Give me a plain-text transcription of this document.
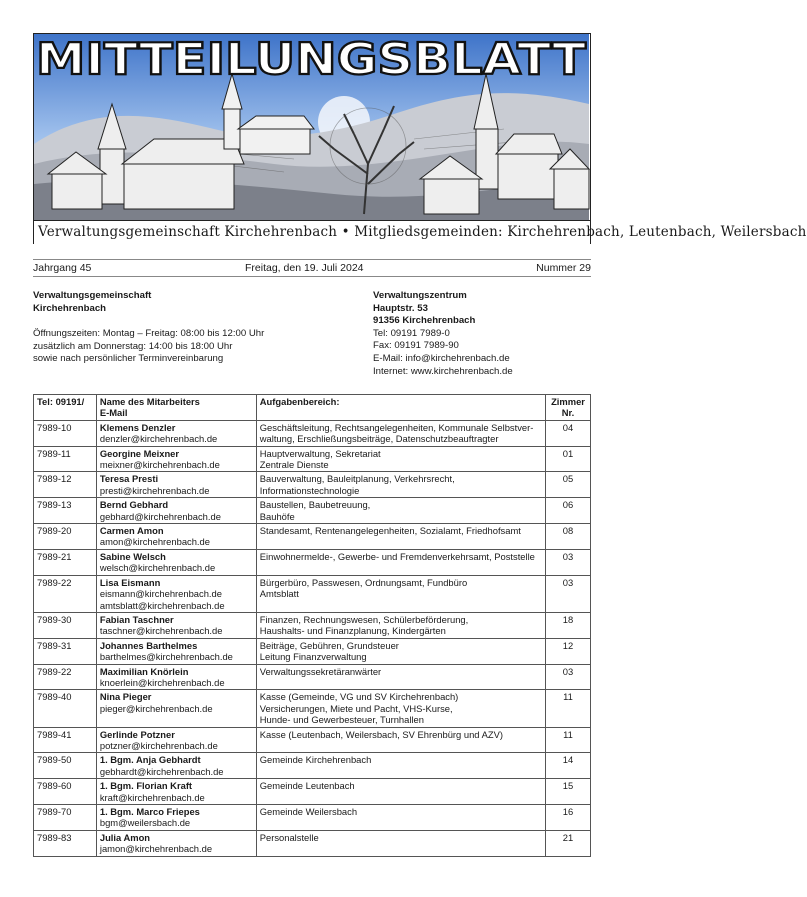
MITTEILUNGSBLATT
Verwaltungsgemeinschaft Kirchehrenbach • Mitgliedsgemeinden: Kirchehrenbach, Leutenbach, Weilersbach
Jahrgang 45	Freitag, den 19. Juli 2024	Nummer 29

Verwaltungsgemeinschaft

Kirchehrenbach

Öffnungszeiten: Montag – Freitag: 08:00 bis 12:00 Uhr

zusätzlich am Donnerstag: 14:00 bis 18:00 Uhr

sowie nach persönlicher Terminvereinbarung

Verwaltungszentrum

Hauptstr. 53

91356 Kirchehrenbach

Tel: 09191 7989-0

Fax: 09191 7989-90

E-Mail: info@kirchehrenbach.de

Internet: www.kirchehrenbach.de

Tel: 09191/	Name des Mitarbeiters
E-Mail	Aufgabenbereich:	Zimmer
Nr.

7989-10	Klemens Denzler
denzler@kirchehrenbach.de	Geschäftsleitung, Rechtsangelegenheiten, Kommunale Selbstver-
waltung, Erschließungsbeiträge, Datenschutzbeauftragter	04
7989-11	Georgine Meixner
meixner@kirchehrenbach.de	Hauptverwaltung, Sekretariat
Zentrale Dienste	01
7989-12	Teresa Presti
presti@kirchehrenbach.de	Bauverwaltung, Bauleitplanung, Verkehrsrecht,
Informationstechnologie	05
7989-13	Bernd Gebhard
gebhard@kirchehrenbach.de	Baustellen, Baubetreuung,
Bauhöfe	06
7989-20	Carmen Amon
amon@kirchehrenbach.de	Standesamt, Rentenangelegenheiten, Sozialamt, Friedhofsamt	08
7989-21	Sabine Welsch
welsch@kirchehrenbach.de	Einwohnermelde-, Gewerbe- und Fremdenverkehrsamt, Poststelle	03
7989-22	Lisa Eismann
eismann@kirchehrenbach.de
amtsblatt@kirchehrenbach.de	Bürgerbüro, Passwesen, Ordnungsamt, Fundbüro
Amtsblatt	03
7989-30	Fabian Taschner
taschner@kirchehrenbach.de	Finanzen, Rechnungswesen, Schülerbeförderung,
Haushalts- und Finanzplanung, Kindergärten	18
7989-31	Johannes Barthelmes
barthelmes@kirchehrenbach.de	Beiträge, Gebühren, Grundsteuer
Leitung Finanzverwaltung	12
7989-22	Maximilian Knörlein
knoerlein@kirchehrenbach.de	Verwaltungssekretäranwärter	03
7989-40	Nina Pieger
pieger@kirchehrenbach.de	Kasse (Gemeinde, VG und SV Kirchehrenbach)
Versicherungen, Miete und Pacht, VHS-Kurse,
Hunde- und Gewerbesteuer, Turnhallen	11
7989-41	Gerlinde Potzner
potzner@kirchehrenbach.de	Kasse (Leutenbach, Weilersbach, SV Ehrenbürg und AZV)	11
7989-50	1. Bgm. Anja Gebhardt
gebhardt@kirchehrenbach.de	Gemeinde Kirchehrenbach	14
7989-60	1. Bgm. Florian Kraft
kraft@kirchehrenbach.de	Gemeinde Leutenbach	15
7989-70	1. Bgm. Marco Friepes
bgm@weilersbach.de	Gemeinde Weilersbach	16
7989-83	Julia Amon
jamon@kirchehrenbach.de	Personalstelle	21
